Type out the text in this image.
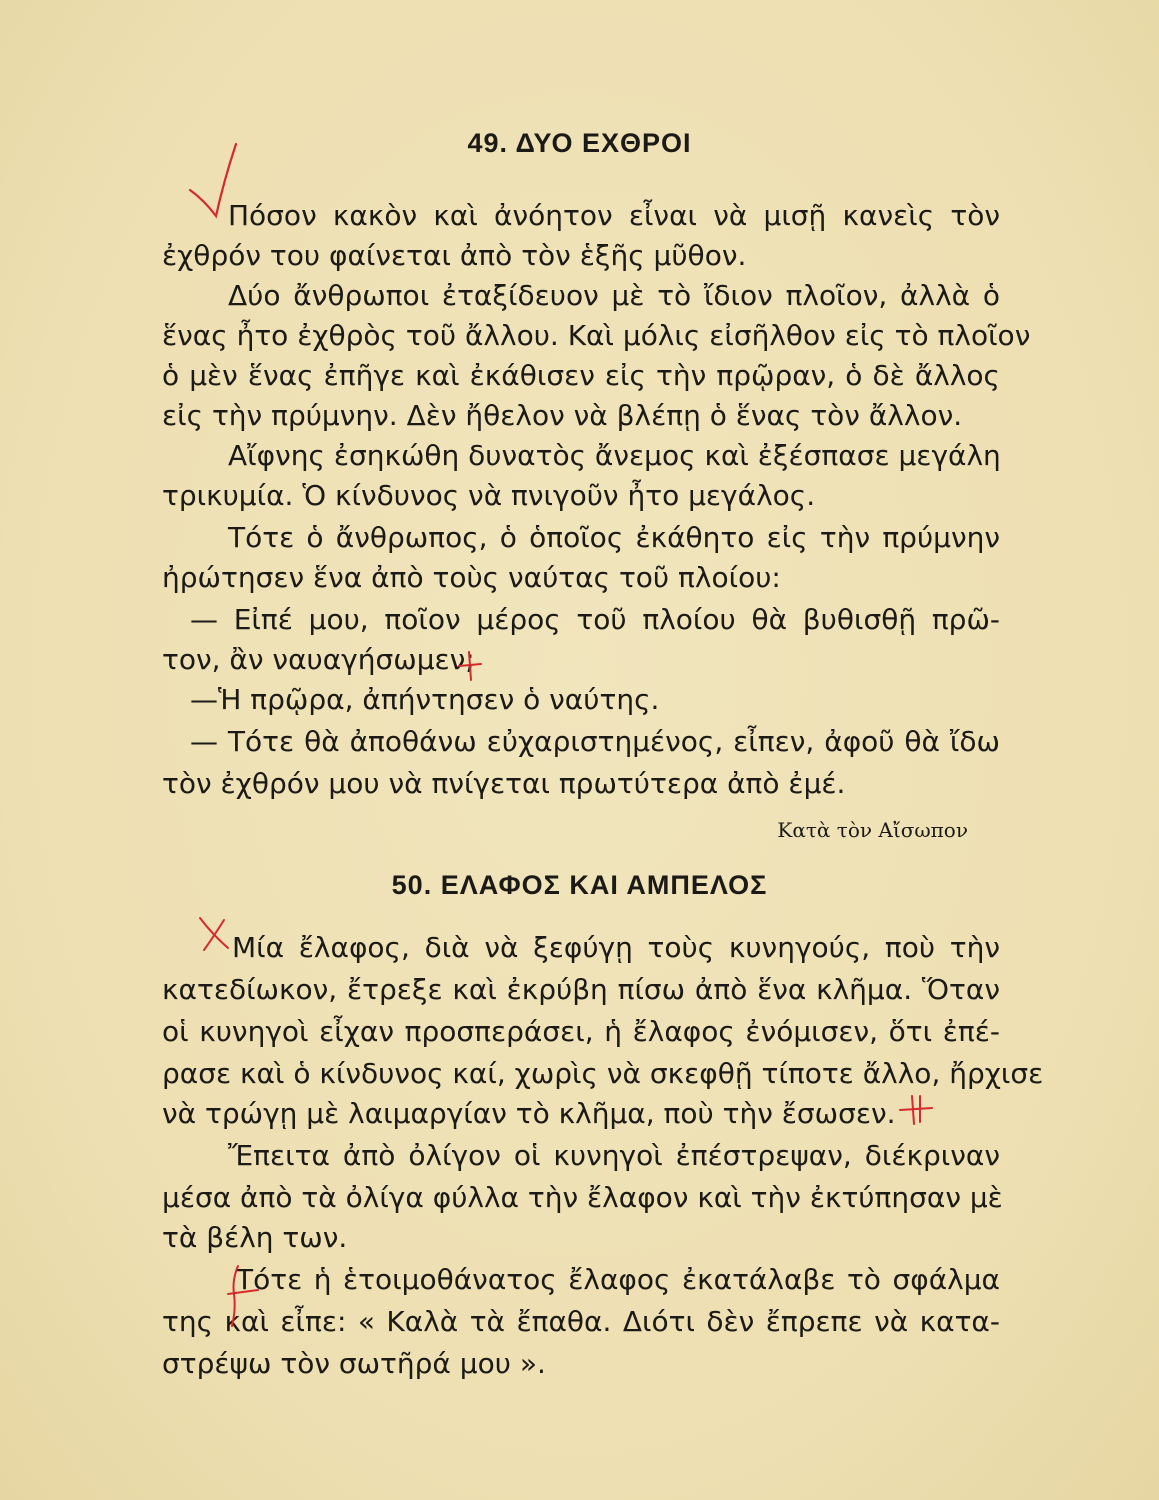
49. ΔΥΟ ΕΧΘΡΟΙ
Πόσον κακὸν καὶ ἀνόητον εἶναι νὰ μισῇ κανεὶς τὸν
ἐχθρόν του φαίνεται ἀπὸ τὸν ἑξῆς μῦθον.
Δύο ἄνθρωποι ἐταξίδευον μὲ τὸ ἴδιον πλοῖον, ἀλλὰ ὁ
ἕνας ἦτο ἐχθρὸς τοῦ ἄλλου. Καὶ μόλις εἰσῆλθον εἰς τὸ πλοῖον
ὁ μὲν ἕνας ἐπῆγε καὶ ἐκάθισεν εἰς τὴν πρῷραν, ὁ δὲ ἄλλος
εἰς τὴν πρύμνην. Δὲν ἤθελον νὰ βλέπῃ ὁ ἕνας τὸν ἄλλον.
Αἴφνης ἐσηκώθη δυνατὸς ἄνεμος καὶ ἐξέσπασε μεγάλη
τρικυμία. Ὁ κίνδυνος νὰ πνιγοῦν ἦτο μεγάλος.
Τότε ὁ ἄνθρωπος, ὁ ὁποῖος ἐκάθητο εἰς τὴν πρύμνην
ἠρώτησεν ἕνα ἀπὸ τοὺς ναύτας τοῦ πλοίου:
— Εἰπέ μου, ποῖον μέρος τοῦ πλοίου θὰ βυθισθῇ πρῶ-
τον, ἂν ναυαγήσωμεν;
—Ἡ πρῷρα, ἀπήντησεν ὁ ναύτης.
— Τότε θὰ ἀποθάνω εὐχαριστημένος, εἶπεν, ἀφοῦ θὰ ἴδω
τὸν ἐχθρόν μου νὰ πνίγεται πρωτύτερα ἀπὸ ἐμέ.
Κατὰ τὸν Αἴσωπον
50. ΕΛΑΦΟΣ ΚΑΙ ΑΜΠΕΛΟΣ
Μία ἔλαφος, διὰ νὰ ξεφύγῃ τοὺς κυνηγούς, ποὺ τὴν
κατεδίωκον, ἔτρεξε καὶ ἐκρύβη πίσω ἀπὸ ἕνα κλῆμα. Ὅταν
οἱ κυνηγοὶ εἶχαν προσπεράσει, ἡ ἔλαφος ἐνόμισεν, ὅτι ἐπέ-
ρασε καὶ ὁ κίνδυνος καί, χωρὶς νὰ σκεφθῇ τίποτε ἄλλο, ἤρχισε
νὰ τρώγῃ μὲ λαιμαργίαν τὸ κλῆμα, ποὺ τὴν ἔσωσεν.
Ἔπειτα ἀπὸ ὀλίγον οἱ κυνηγοὶ ἐπέστρεψαν, διέκριναν
μέσα ἀπὸ τὰ ὀλίγα φύλλα τὴν ἔλαφον καὶ τὴν ἐκτύπησαν μὲ
τὰ βέλη των.
Τότε ἡ ἑτοιμοθάνατος ἔλαφος ἐκατάλαβε τὸ σφάλμα
της καὶ εἶπε: « Καλὰ τὰ ἔπαθα. Διότι δὲν ἔπρεπε νὰ κατα-
στρέψω τὸν σωτῆρά μου ».
